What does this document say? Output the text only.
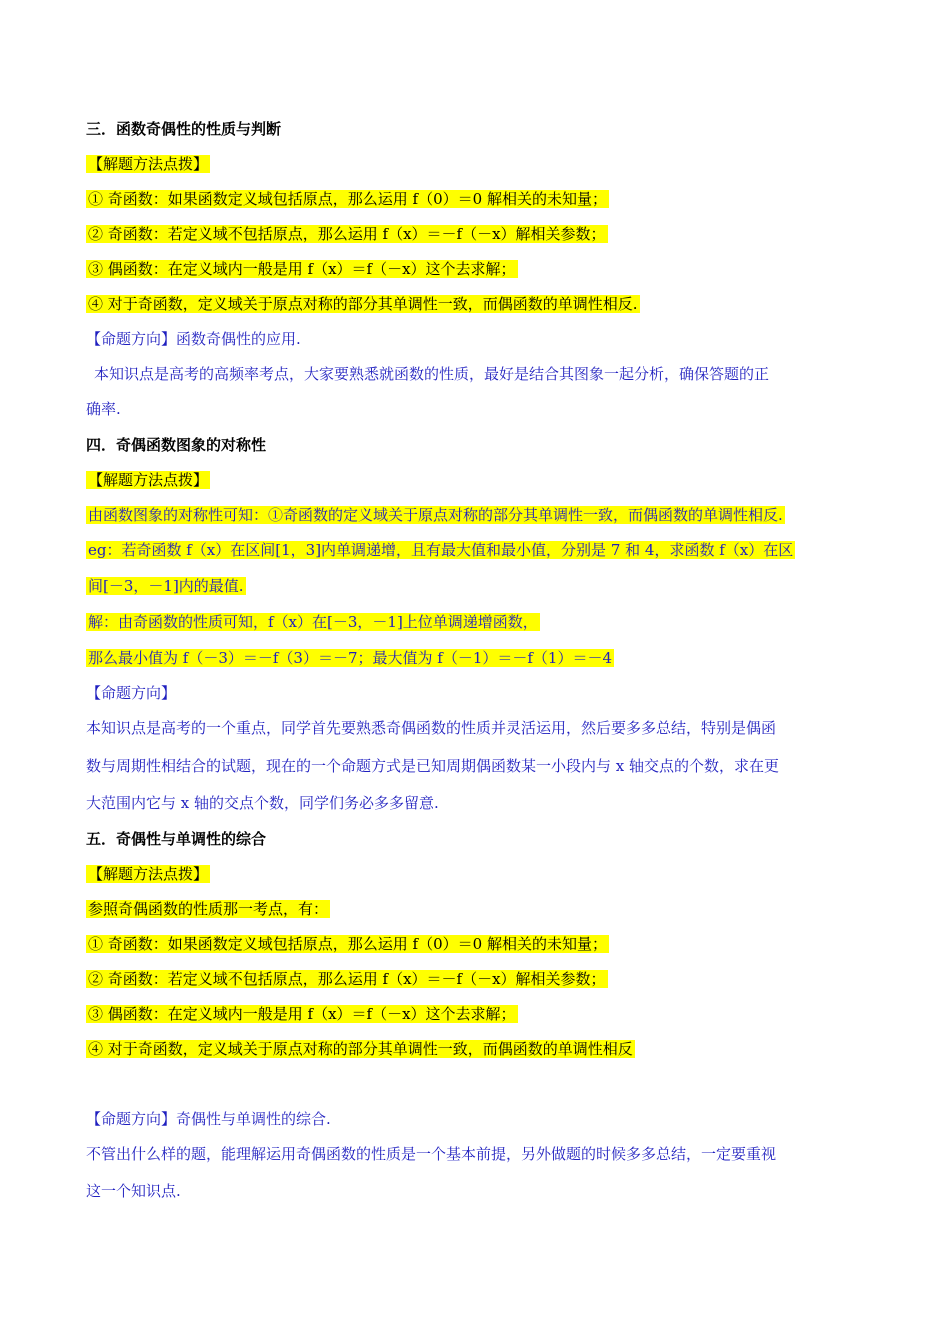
三．函数奇偶性的性质与判断
【解题方法点拨】
① 奇函数：如果函数定义域包括原点，那么运用 f（0）＝0 解相关的未知量；
② 奇函数：若定义域不包括原点，那么运用 f（x）＝－f（－x）解相关参数；
③ 偶函数：在定义域内一般是用 f（x）＝f（－x）这个去求解；
④ 对于奇函数，定义域关于原点对称的部分其单调性一致，而偶函数的单调性相反.
【命题方向】函数奇偶性的应用.
本知识点是高考的高频率考点，大家要熟悉就函数的性质，最好是结合其图象一起分析，确保答题的正
确率.
四．奇偶函数图象的对称性
【解题方法点拨】
由函数图象的对称性可知：①奇函数的定义域关于原点对称的部分其单调性一致，而偶函数的单调性相反.
eg：若奇函数 f（x）在区间[1，3]内单调递增，且有最大值和最小值，分别是 7 和 4，求函数 f（x）在区
间[－3，－1]内的最值.
解：由奇函数的性质可知，f（x）在[－3，－1]上位单调递增函数，
那么最小值为 f（－3）＝－f（3）＝－7；最大值为 f（－1）＝－f（1）＝－4
【命题方向】
本知识点是高考的一个重点，同学首先要熟悉奇偶函数的性质并灵活运用，然后要多多总结，特别是偶函
数与周期性相结合的试题，现在的一个命题方式是已知周期偶函数某一小段内与 x 轴交点的个数，求在更
大范围内它与 x 轴的交点个数，同学们务必多多留意.
五．奇偶性与单调性的综合
【解题方法点拨】
参照奇偶函数的性质那一考点，有：
① 奇函数：如果函数定义域包括原点，那么运用 f（0）＝0 解相关的未知量；
② 奇函数：若定义域不包括原点，那么运用 f（x）＝－f（－x）解相关参数；
③ 偶函数：在定义域内一般是用 f（x）＝f（－x）这个去求解；
④ 对于奇函数，定义域关于原点对称的部分其单调性一致，而偶函数的单调性相反
【命题方向】奇偶性与单调性的综合.
不管出什么样的题，能理解运用奇偶函数的性质是一个基本前提，另外做题的时候多多总结，一定要重视
这一个知识点.
